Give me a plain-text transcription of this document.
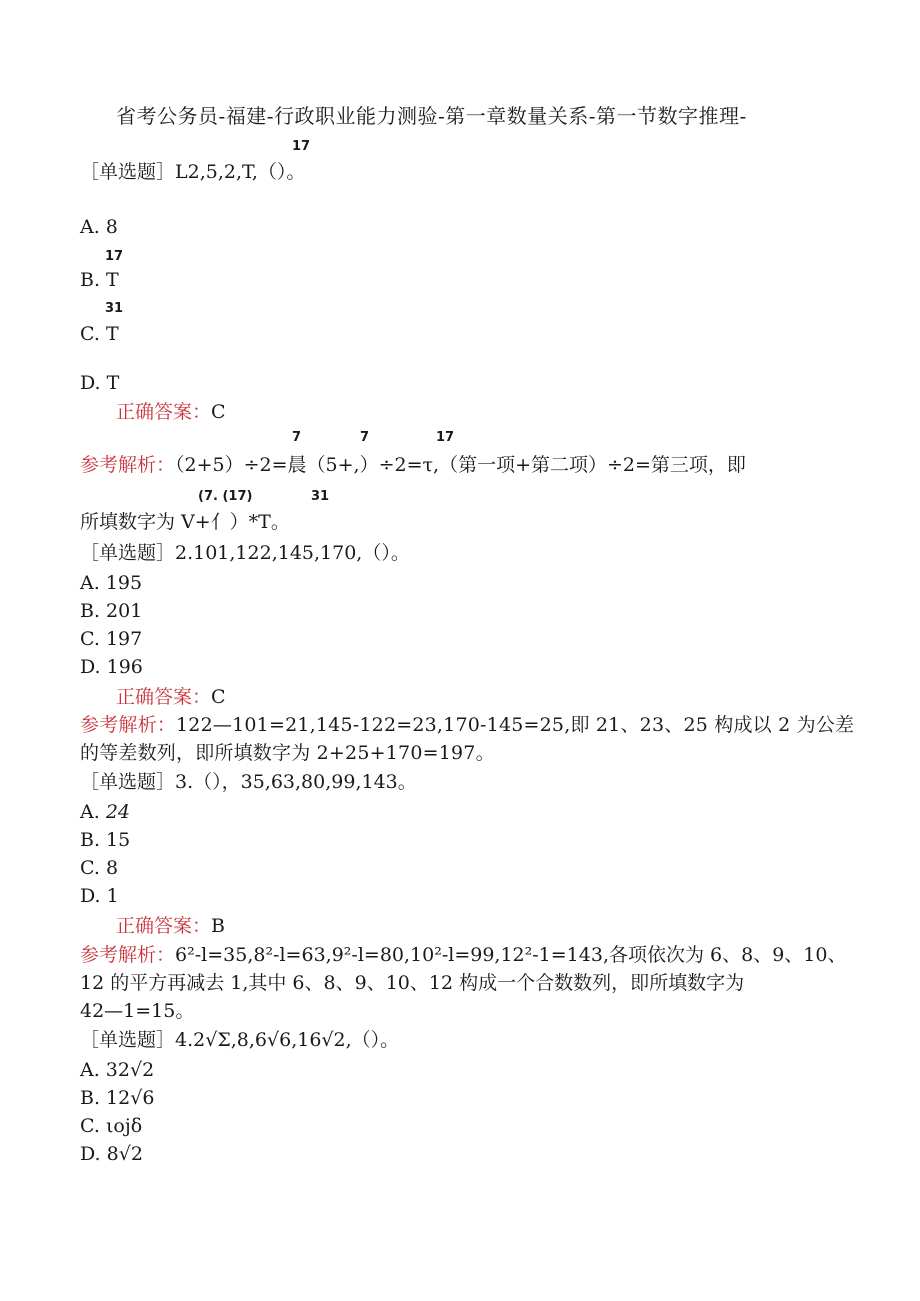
省考公务员-福建-行政职业能力测验-第一章数量关系-第一节数字推理-
17
［单选题］L2,5,2,T,（）。
A. 8
17
B. T
31
C. T
D. T
正确答案：C
7	7	17
参考解析：（2+5）÷2=晨（5+,）÷2=τ,（第一项+第二项）÷2=第三项，即
(7. (17)	31
所填数字为 V+亻）*T。
［单选题］2.101,122,145,170,（）。
A. 195
B. 201
C. 197
D. 196
正确答案：C
参考解析：122—101=21,145-122=23,170-145=25,即 21、23、25 构成以 2 为公差
的等差数列，即所填数字为 2+25+170=197。
［单选题］3.（），35,63,80,99,143。
A. 24
B. 15
C. 8
D. 1
正确答案：B
参考解析：6²-l=35,8²-l=63,9²-l=80,10²-l=99,12²-1=143,各项依次为 6、8、9、10、
12 的平方再减去 1,其中 6、8、9、10、12 构成一个合数数列，即所填数字为
42—1=15。
［单选题］4.2√Σ,8,6√6,16√2,（）。
A. 32√2
B. 12√6
C. ιojδ
D. 8√2
